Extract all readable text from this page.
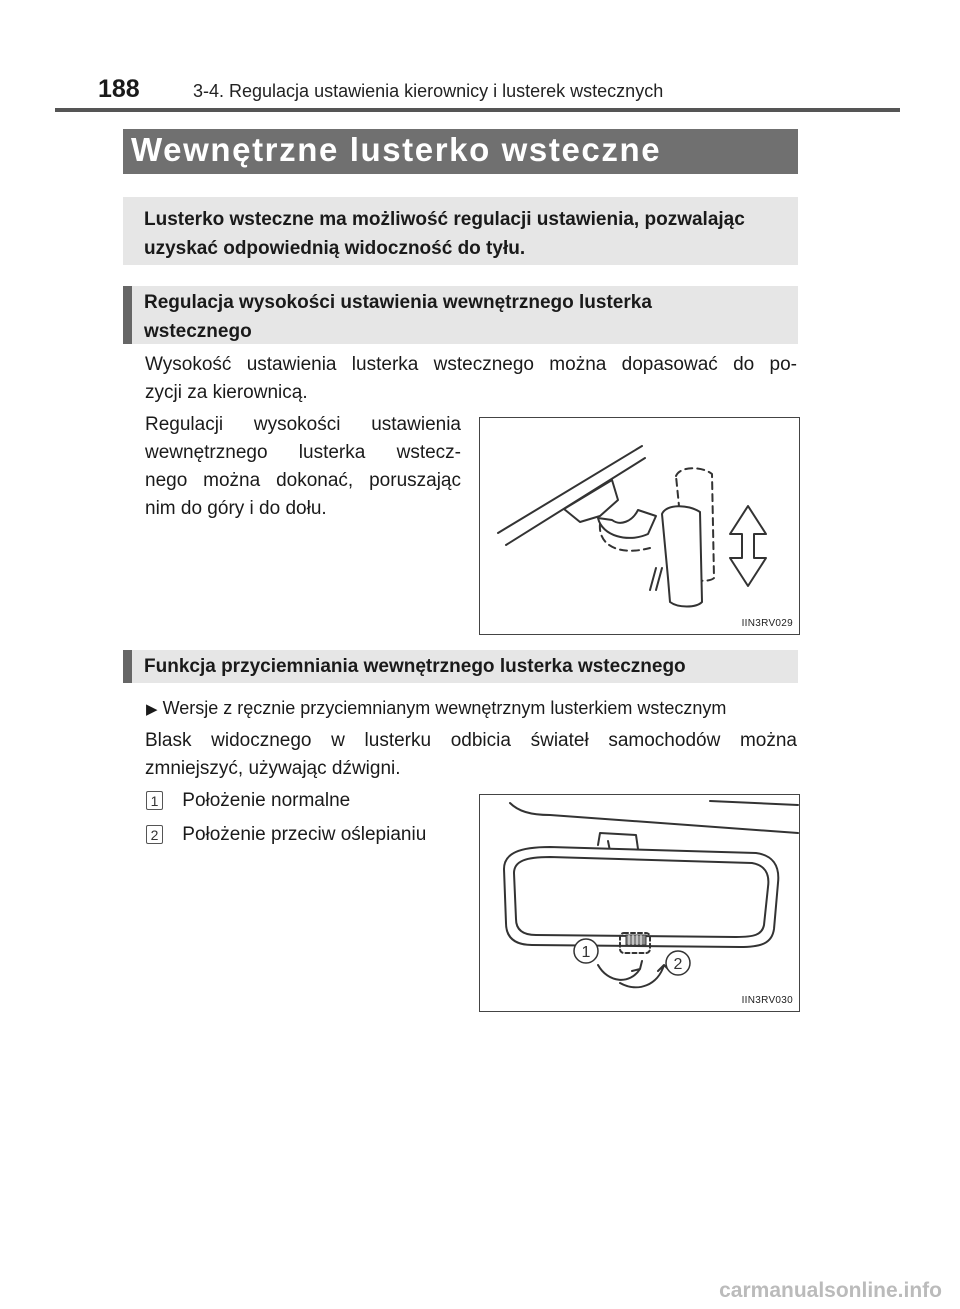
188	3-4. Regulacja ustawienia kierownicy i lusterek wstecznych
Wewnętrzne lusterko wsteczne
Lusterko wsteczne ma możliwość regulacji ustawienia, pozwalając
uzyskać odpowiednią widoczność do tyłu.
Regulacja wysokości ustawienia wewnętrznego lusterka
wstecznego
Wysokość ustawienia lusterka wstecznego można dopasować do po-
zycji za kierownicą.
Regulacji wysokości ustawienia
wewnętrznego lusterka wstecz-
nego można dokonać, poruszając
nim do góry i do dołu.
IIN3RV029
Funkcja przyciemniania wewnętrznego lusterka wstecznego
▶ Wersje z ręcznie przyciemnianym wewnętrznym lusterkiem wstecznym
Blask widocznego w lusterku odbicia świateł samochodów można
zmniejszyć, używając dźwigni.
1 Położenie normalne
2 Położenie przeciw oślepianiu
1
2
IIN3RV030
carmanualsonline.info
